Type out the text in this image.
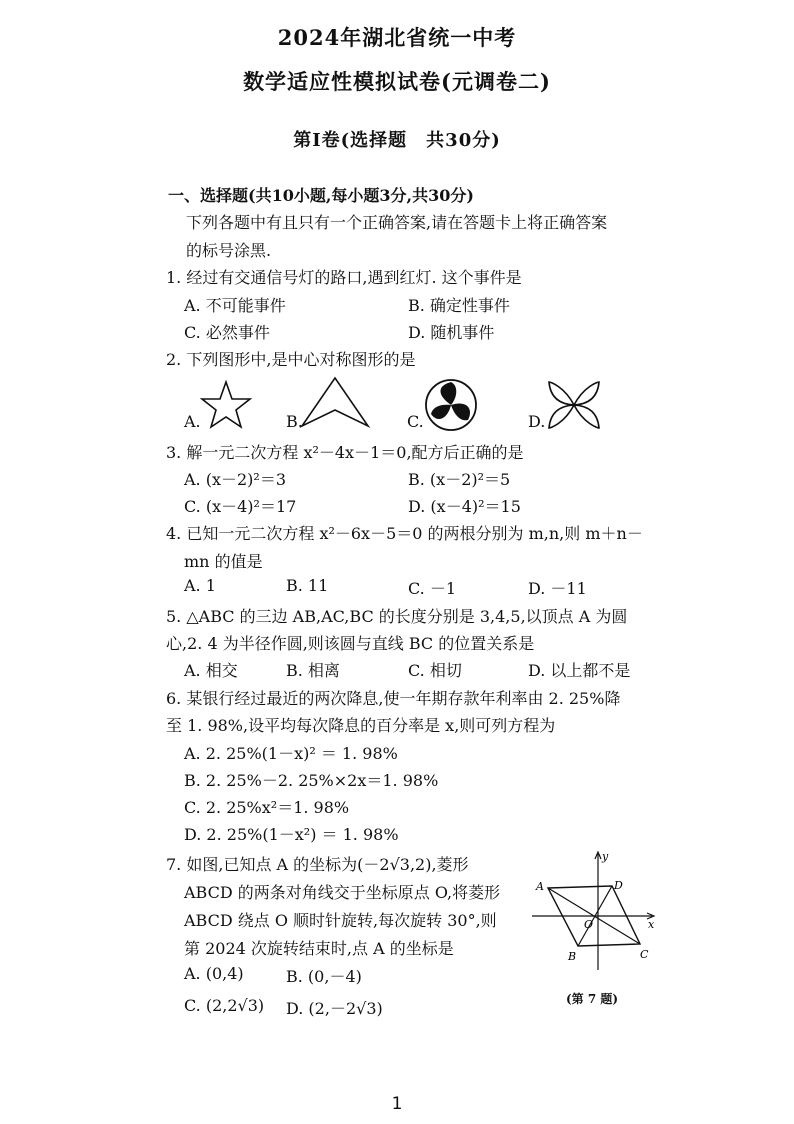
2024年湖北省统一中考
数学适应性模拟试卷(元调卷二)
第Ⅰ卷(选择题　共30分)
一、选择题(共10小题,每小题3分,共30分)
下列各题中有且只有一个正确答案,请在答题卡上将正确答案
的标号涂黑.
1. 经过有交通信号灯的路口,遇到红灯. 这个事件是
A. 不可能事件	B. 确定性事件
C. 必然事件	D. 随机事件
2. 下列图形中,是中心对称图形的是
A.	B.	C.	D.
3. 解一元二次方程 x²－4x－1＝0,配方后正确的是
A. (x－2)²＝3	B. (x－2)²＝5
C. (x－4)²＝17	D. (x－4)²＝15
4. 已知一元二次方程 x²－6x－5＝0 的两根分别为 m,n,则 m＋n－
mn 的值是
A. 1	B. 11	C. －1	D. －11
5. △ABC 的三边 AB,AC,BC 的长度分别是 3,4,5,以顶点 A 为圆
心,2. 4 为半径作圆,则该圆与直线 BC 的位置关系是
A. 相交	B. 相离	C. 相切	D. 以上都不是
6. 某银行经过最近的两次降息,使一年期存款年利率由 2. 25%降
至 1. 98%,设平均每次降息的百分率是 x,则可列方程为
A. 2. 25%(1－x)² ＝ 1. 98%
B. 2. 25%－2. 25%×2x＝1. 98%
C. 2. 25%x²＝1. 98%
D. 2. 25%(1－x²) ＝ 1. 98%
7. 如图,已知点 A 的坐标为(－2√3,2),菱形
ABCD 的两条对角线交于坐标原点 O,将菱形
ABCD 绕点 O 顺时针旋转,每次旋转 30°,则
第 2024 次旋转结束时,点 A 的坐标是
A. (0,4)	B. (0,－4)
C. (2,2√3) D. (2,－2√3)
y
x
A	D
O
B	C
(第 7 题)
1
